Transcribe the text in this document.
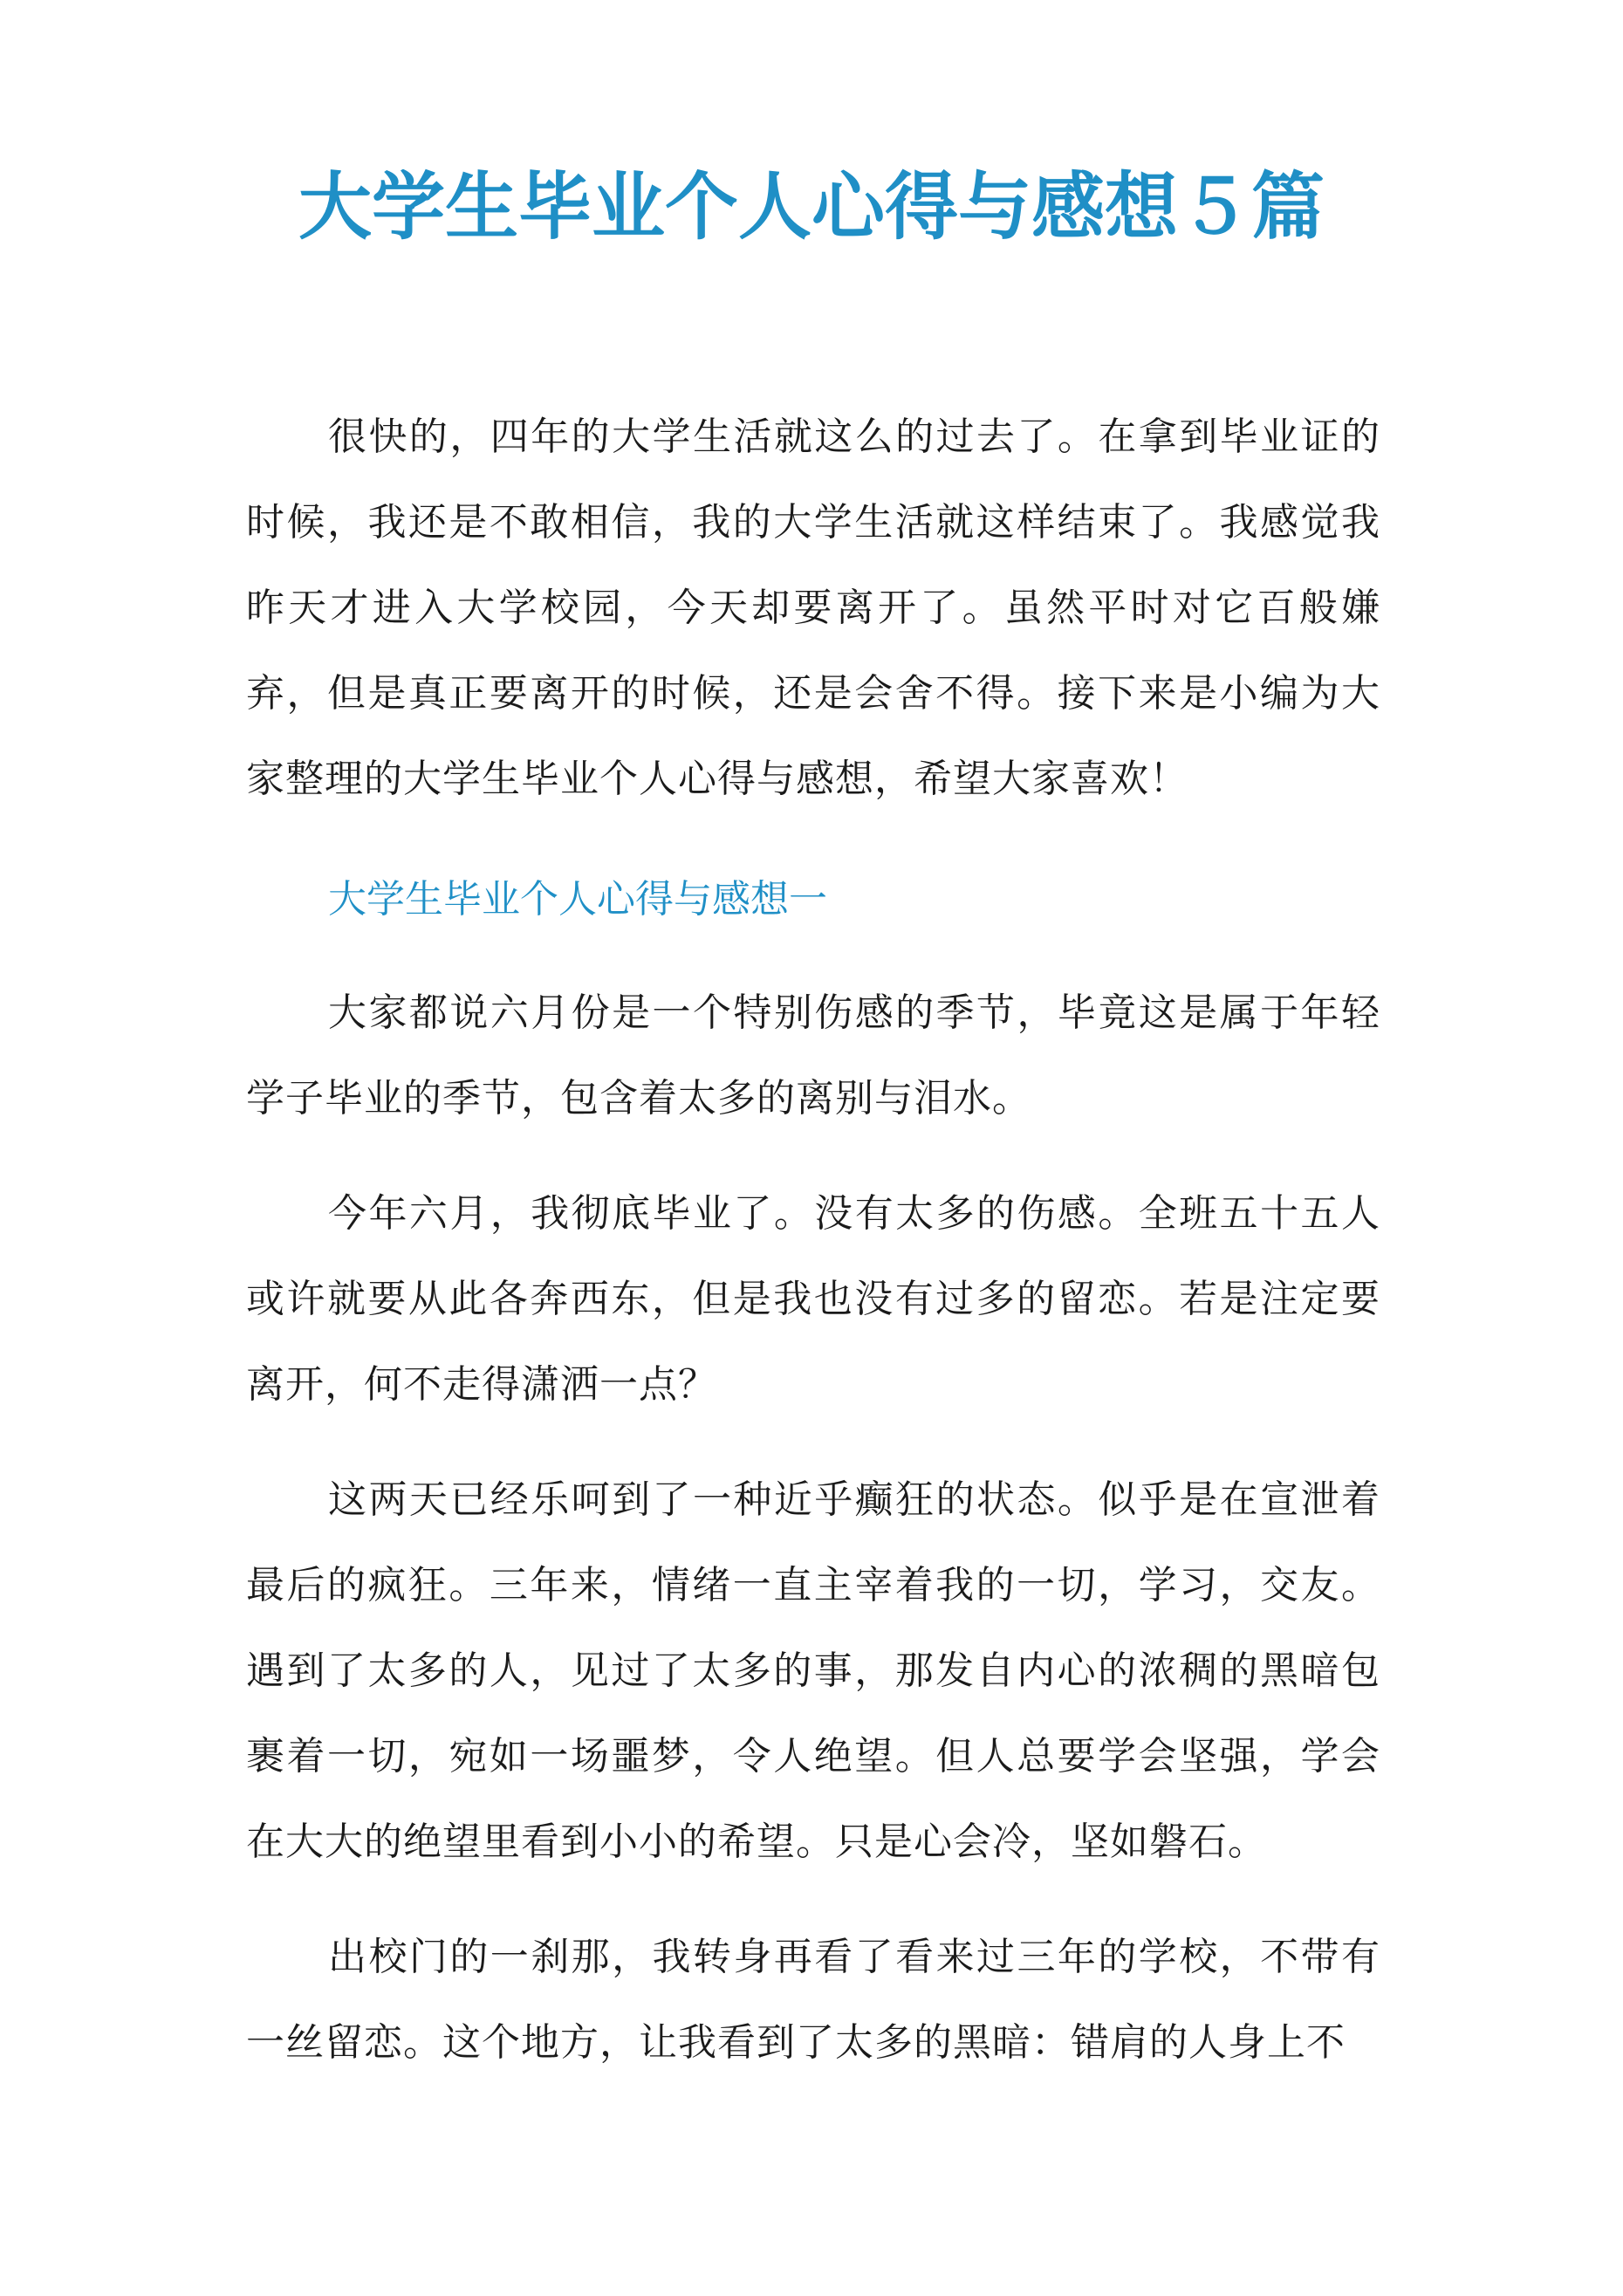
大学生毕业个人心得与感想５篇

很快的，四年的大学生活就这么的过去了。在拿到毕业证的时候，我还是不敢相信，我的大学生活就这样结束了。我感觉我昨天才进入大学校园，今天却要离开了。虽然平时对它百般嫌弃，但是真正要离开的时候，还是会舍不得。接下来是小编为大家整理的大学生毕业个人心得与感想，希望大家喜欢！

大学生毕业个人心得与感想一

大家都说六月份是一个特别伤感的季节，毕竟这是属于年轻学子毕业的季节，包含着太多的离别与泪水。

今年六月，我彻底毕业了。没有太多的伤感。全班五十五人或许就要从此各奔西东，但是我也没有过多的留恋。若是注定要离开，何不走得潇洒一点？

这两天已经乐呵到了一种近乎癫狂的状态。似乎是在宣泄着最后的疯狂。三年来，情绪一直主宰着我的一切，学习，交友。遇到了太多的人，见过了太多的事，那发自内心的浓稠的黑暗包裹着一切，宛如一场噩梦，令人绝望。但人总要学会坚强，学会在大大的绝望里看到小小的希望。只是心会冷，坚如磐石。

出校门的一刹那，我转身再看了看来过三年的学校，不带有一丝留恋。这个地方，让我看到了太多的黑暗：错肩的人身上不
